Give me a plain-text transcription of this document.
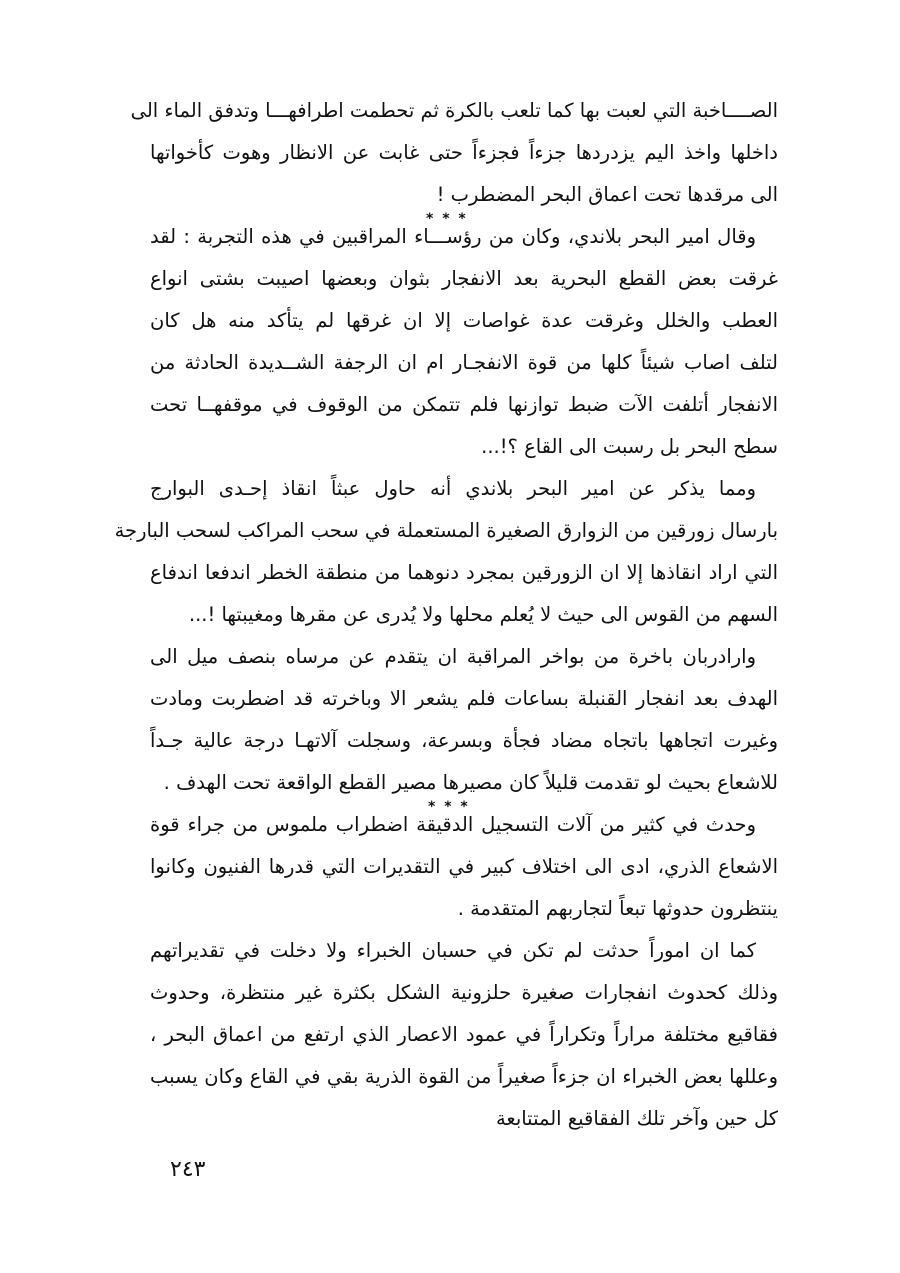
الصــــاخبة التي لعبت بها كما تلعب بالكرة ثم تحطمت اطرافهـــا وتدفق الماء الى
داخلها واخذ اليم يزدردها جزءاً فجزءاً حتى غابت عن الانظار وهوت كأخواتها
الى مرقدها تحت اعماق البحر المضطرب !
وقال امير البحر بلاندي، وكان من رؤســـاء المراقبين في هذه التجربة : لقد
غرقت بعض القطع البحرية بعد الانفجار بثوان وبعضها اصيبت بشتى انواع
العطب والخلل وغرقت عدة غواصات إلا ان غرقها لم يتأكد منه هل كان
لتلف اصاب شيئاً كلها من قوة الانفجـار ام ان الرجفة الشــديدة الحادثة من
الانفجار أتلفت الآت ضبط توازنها فلم تتمكن من الوقوف في موقفهــا تحت
سطح البحر بل رسبت الى القاع ؟!...
ومما يذكر عن امير البحر بلاندي أنه حاول عبثاً انقاذ إحـدى البوارج
بارسال زورقين من الزوارق الصغيرة المستعملة في سحب المراكب لسحب البارجة
التي اراد انقاذها إلا ان الزورقين بمجرد دنوهما من منطقة الخطر اندفعا اندفاع
السهم من القوس الى حيث لا يُعلم محلها ولا يُدرى عن مقرها ومغيبتها !...
وارادربان باخرة من بواخر المراقبة ان يتقدم عن مرساه بنصف ميل الى
الهدف بعد انفجار القنبلة بساعات فلم يشعر الا وباخرته قد اضطربت ومادت
وغيرت اتجاهها باتجاه مضاد فجأة وبسرعة، وسجلت آلاتهـا درجة عالية جـداً
للاشعاع بحيث لو تقدمت قليلاً كان مصيرها مصير القطع الواقعة تحت الهدف .
وحدث في كثير من آلات التسجيل الدقيقة اضطراب ملموس من جراء قوة
الاشعاع الذري، ادى الى اختلاف كبير في التقديرات التي قدرها الفنيون وكانوا
ينتظرون حدوثها تبعاً لتجاربهم المتقدمة .
كما ان اموراً حدثت لم تكن في حسبان الخبراء ولا دخلت في تقديراتهم
وذلك كحدوث انفجارات صغيرة حلزونية الشكل بكثرة غير منتظرة، وحدوث
فقاقيع مختلفة مراراً وتكراراً في عمود الاعصار الذي ارتفع من اعماق البحر ،
وعللها بعض الخبراء ان جزءاً صغيراً من القوة الذرية بقي في القاع وكان يسبب
كل حين وآخر تلك الفقاقيع المتتابعة
* * *
* * *
٢٤٣
